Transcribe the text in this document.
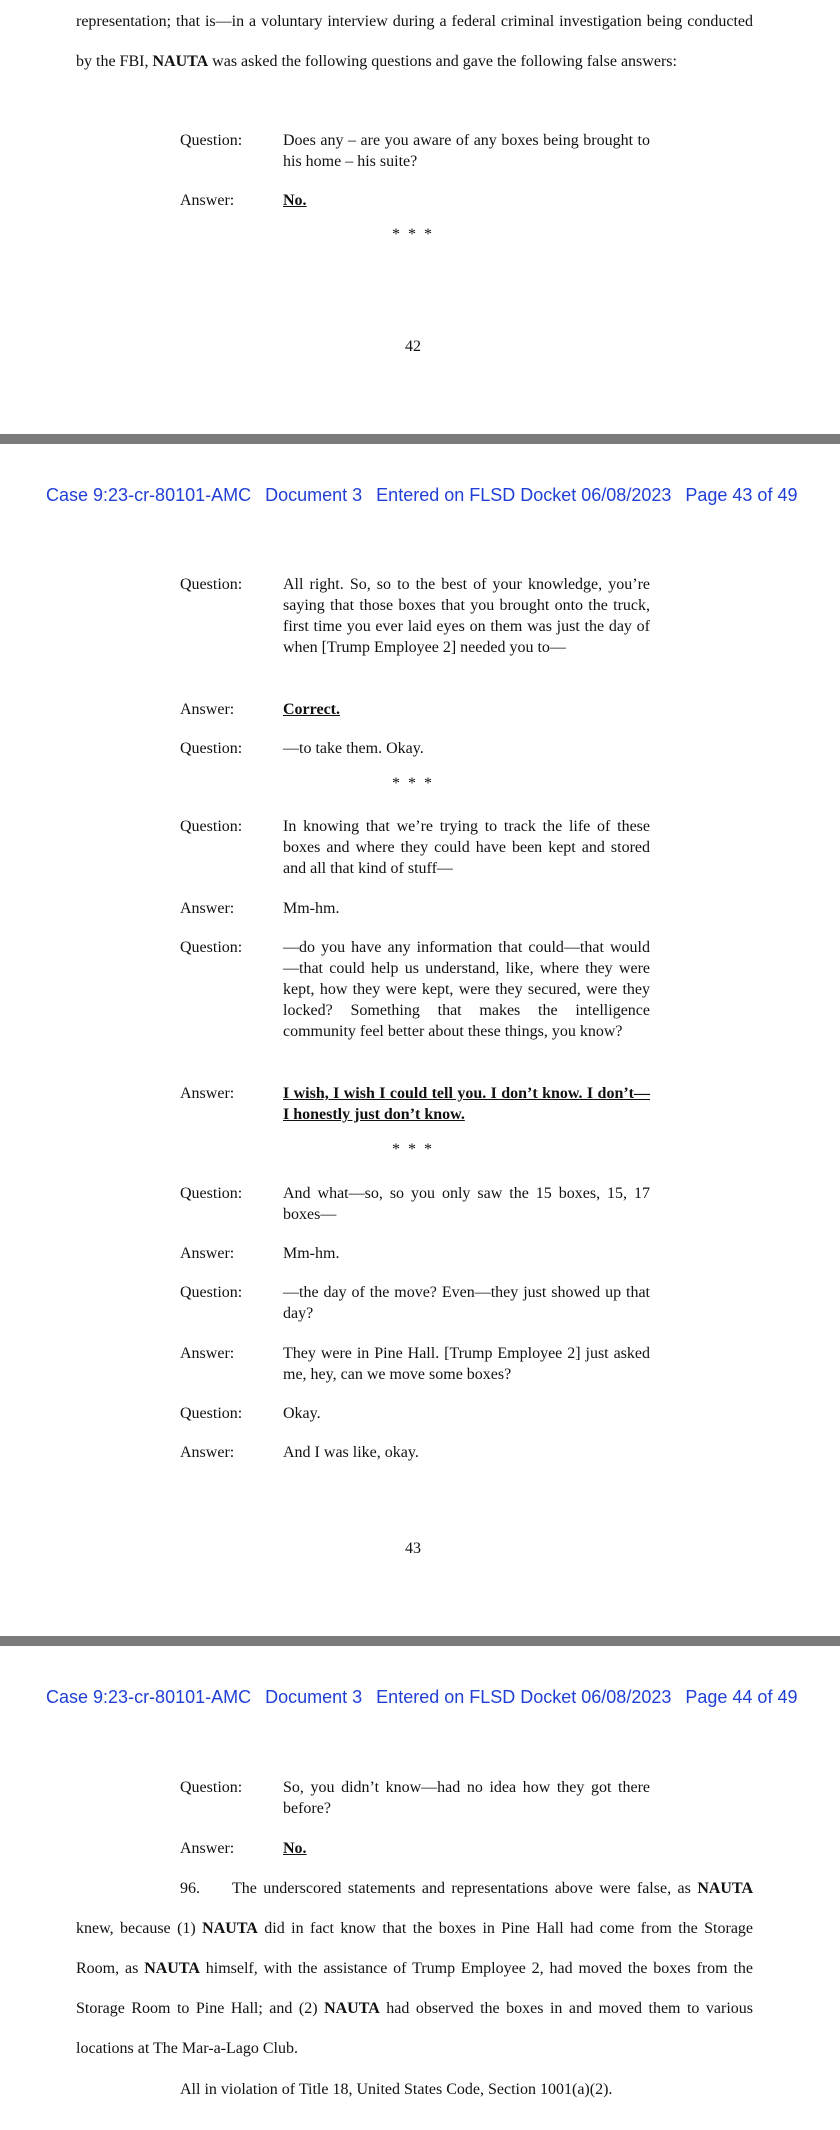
representation; that is—in a voluntary interview during a federal criminal investigation being conducted by the FBI, NAUTA was asked the following questions and gave the following false answers:

Question:	Does any – are you aware of any boxes being brought to his home – his suite?
Answer:	No.
* * *
42

Case 9:23-cr-80101-AMC Document 3 Entered on FLSD Docket 06/08/2023 Page 43 of 49

Question:	All right. So, so to the best of your knowledge, you’re saying that those boxes that you brought onto the truck, first time you ever laid eyes on them was just the day of when [Trump Employee 2] needed you to—
Answer:	Correct.
Question:	—to take them. Okay.
* * *
Question:	In knowing that we’re trying to track the life of these boxes and where they could have been kept and stored and all that kind of stuff—
Answer:	Mm-hm.
Question:	—do you have any information that could—that would—that could help us understand, like, where they were kept, how they were kept, were they secured, were they locked? Something that makes the intelligence community feel better about these things, you know?
Answer:	I wish, I wish I could tell you. I don’t know. I don’t—I honestly just don’t know.
* * *
Question:	And what—so, so you only saw the 15 boxes, 15, 17 boxes—
Answer:	Mm-hm.
Question:	—the day of the move? Even—they just showed up that day?
Answer:	They were in Pine Hall. [Trump Employee 2] just asked me, hey, can we move some boxes?
Question:	Okay.
Answer:	And I was like, okay.
43

Case 9:23-cr-80101-AMC Document 3 Entered on FLSD Docket 06/08/2023 Page 44 of 49

Question:	So, you didn’t know—had no idea how they got there before?
Answer:	No.

96. The underscored statements and representations above were false, as NAUTA knew, because (1) NAUTA did in fact know that the boxes in Pine Hall had come from the Storage Room, as NAUTA himself, with the assistance of Trump Employee 2, had moved the boxes from the Storage Room to Pine Hall; and (2) NAUTA had observed the boxes in and moved them to various locations at The Mar-a-Lago Club.

All in violation of Title 18, United States Code, Section 1001(a)(2).
